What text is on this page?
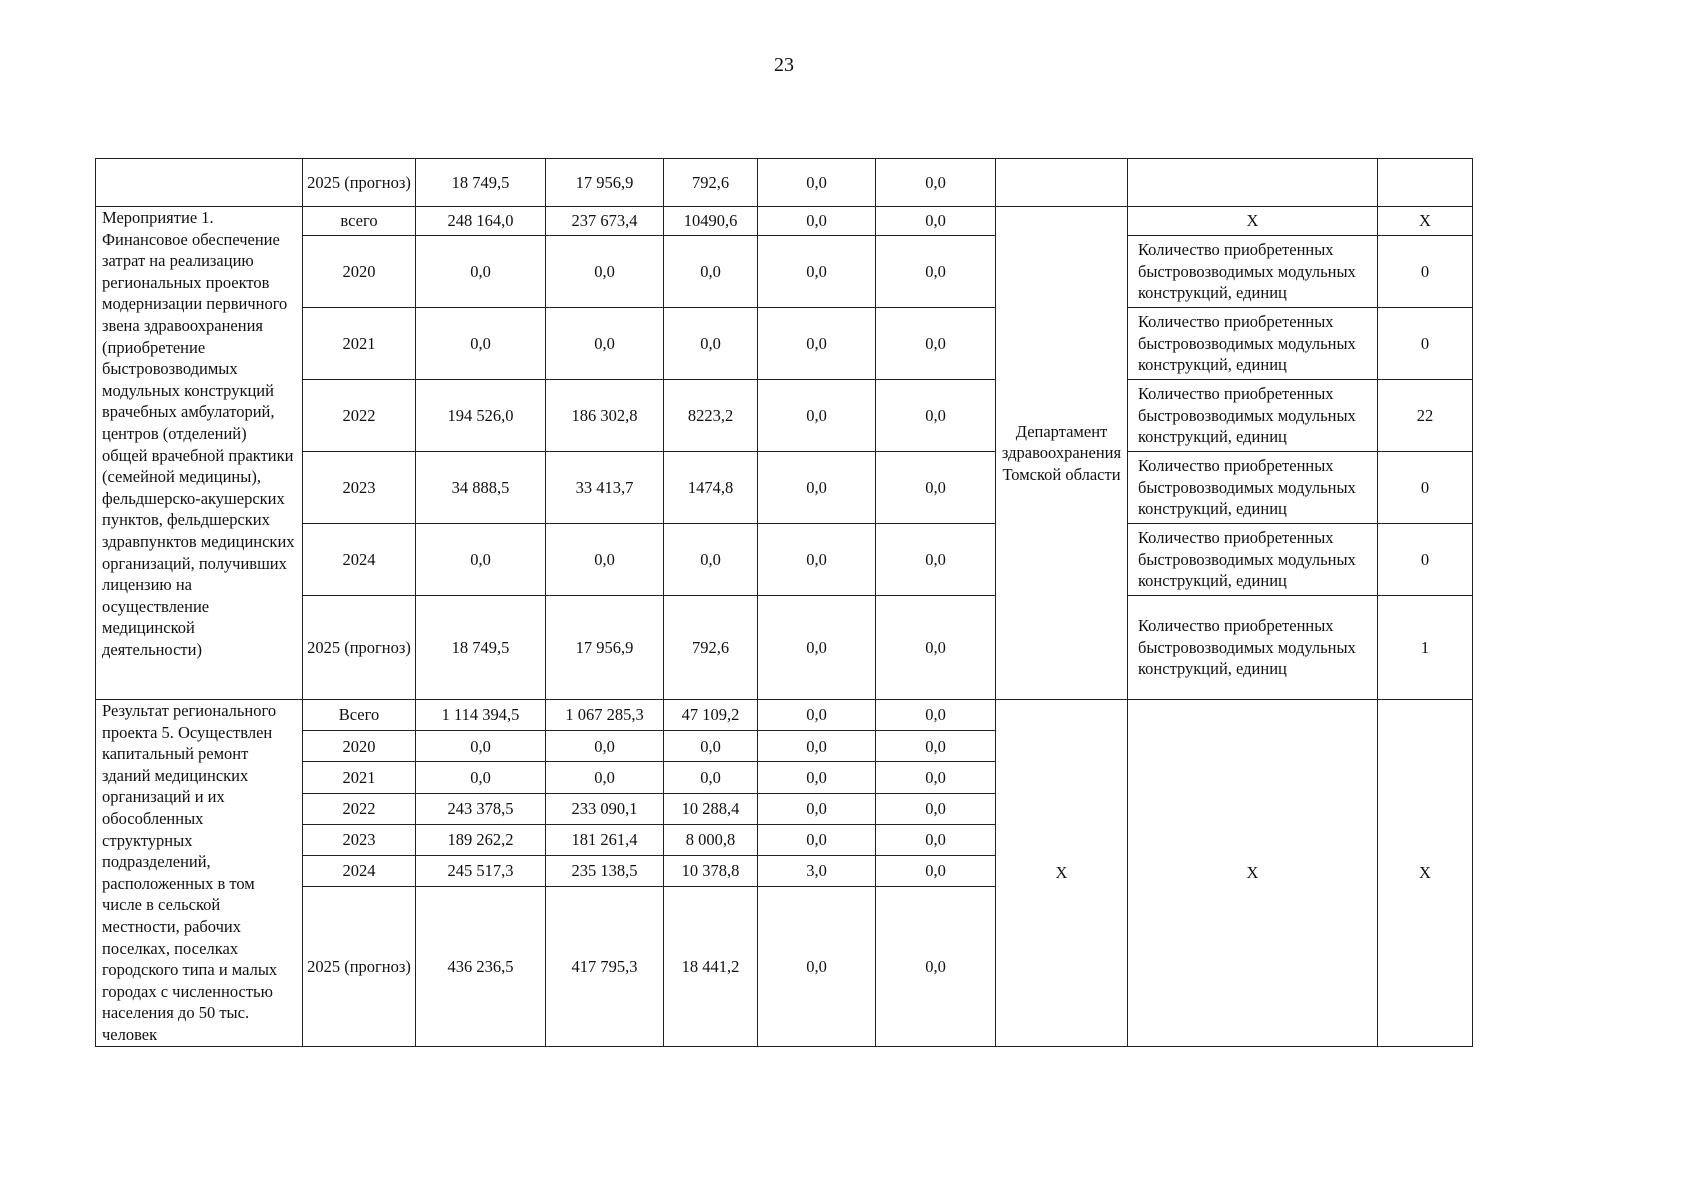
23
	2025 (прогноз)	18 749,5	17 956,9	792,6	0,0	0,0			
Мероприятие 1. Финансовое обеспечение затрат на реализацию региональных проектов модернизации первичного звена здравоохранения (приобретение быстровозводимых модульных конструкций врачебных амбулаторий, центров (отделений) общей врачебной практики (семейной медицины), фельдшерско-акушерских пунктов, фельдшерских здравпунктов медицинских организаций, получивших лицензию на осуществление медицинской деятельности)	всего	248 164,0	237 673,4	10490,6	0,0	0,0	Департамент здравоохранения Томской области	X	X
	2020	0,0	0,0	0,0	0,0	0,0		Количество приобретенных быстровозводимых модульных конструкций, единиц	0
	2021	0,0	0,0	0,0	0,0	0,0		Количество приобретенных быстровозводимых модульных конструкций, единиц	0
	2022	194 526,0	186 302,8	8223,2	0,0	0,0		Количество приобретенных быстровозводимых модульных конструкций, единиц	22
	2023	34 888,5	33 413,7	1474,8	0,0	0,0		Количество приобретенных быстровозводимых модульных конструкций, единиц	0
	2024	0,0	0,0	0,0	0,0	0,0		Количество приобретенных быстровозводимых модульных конструкций, единиц	0
	2025 (прогноз)	18 749,5	17 956,9	792,6	0,0	0,0		Количество приобретенных быстровозводимых модульных конструкций, единиц	1
Результат регионального проекта 5. Осуществлен капитальный ремонт зданий медицинских организаций и их обособленных структурных подразделений, расположенных в том числе в сельской местности, рабочих поселках, поселках городского типа и малых городах с численностью населения до 50 тыс. человек	Всего	1 114 394,5	1 067 285,3	47 109,2	0,0	0,0	X	X	X
	2020	0,0	0,0	0,0	0,0	0,0			
	2021	0,0	0,0	0,0	0,0	0,0			
	2022	243 378,5	233 090,1	10 288,4	0,0	0,0			
	2023	189 262,2	181 261,4	8 000,8	0,0	0,0			
	2024	245 517,3	235 138,5	10 378,8	3,0	0,0			
	2025 (прогноз)	436 236,5	417 795,3	18 441,2	0,0	0,0			
